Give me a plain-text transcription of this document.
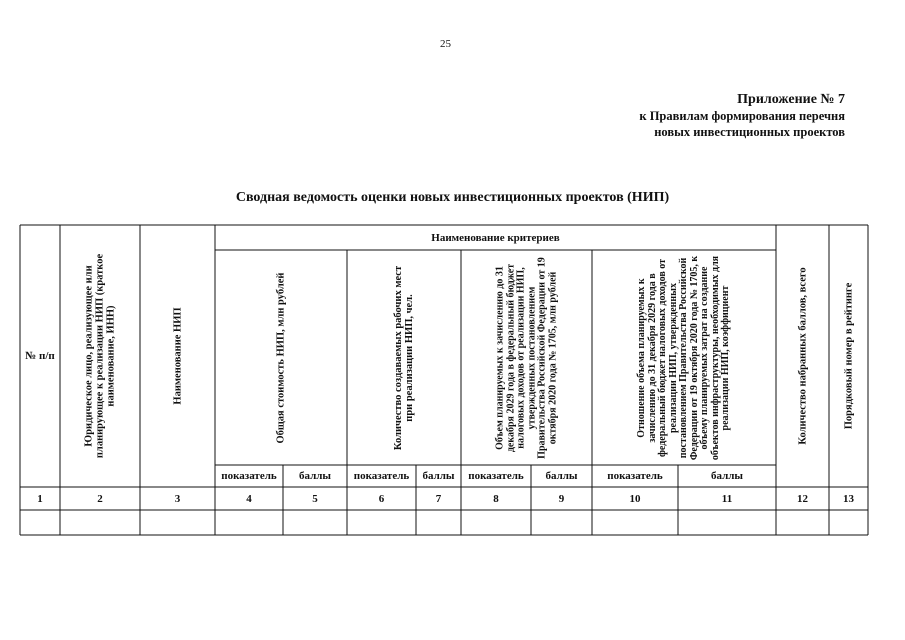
25
Приложение № 7
к Правилам формирования перечня
новых инвестиционных проектов
Сводная ведомость оценки новых инвестиционных проектов (НИП)
Наименование критериев
№ п/п	Юридическое лицо, реализующее или планирующее к реализации НИП (краткое наименование, ИНН)	Наименование НИП	Общая стоимость НИП, млн рублей	Количество создаваемых рабочих мест при реализации НИП, чел.	Объем планируемых к зачислению до 31 декабря 2029 года в федеральный бюджет налоговых доходов от реализации НИП, утвержденных постановлением Правительства Российской Федерации от 19 октября 2020 года № 1705, млн рублей	Отношение объема планируемых к зачислению до 31 декабря 2029 года в федеральный бюджет налоговых доходов от реализации НИП, утвержденных постановлением Правительства Российской Федерации от 19 октября 2020 года № 1705, к объему планируемых затрат на создание объектов инфраструктуры, необходимых для реализации НИП, коэффициент	Количество набранных баллов, всего	Порядковый номер в рейтинге
показатель	баллы	показатель	баллы	показатель	баллы	показатель	баллы
1	2	3	4	5	6	7	8	9	10	11	12	13
